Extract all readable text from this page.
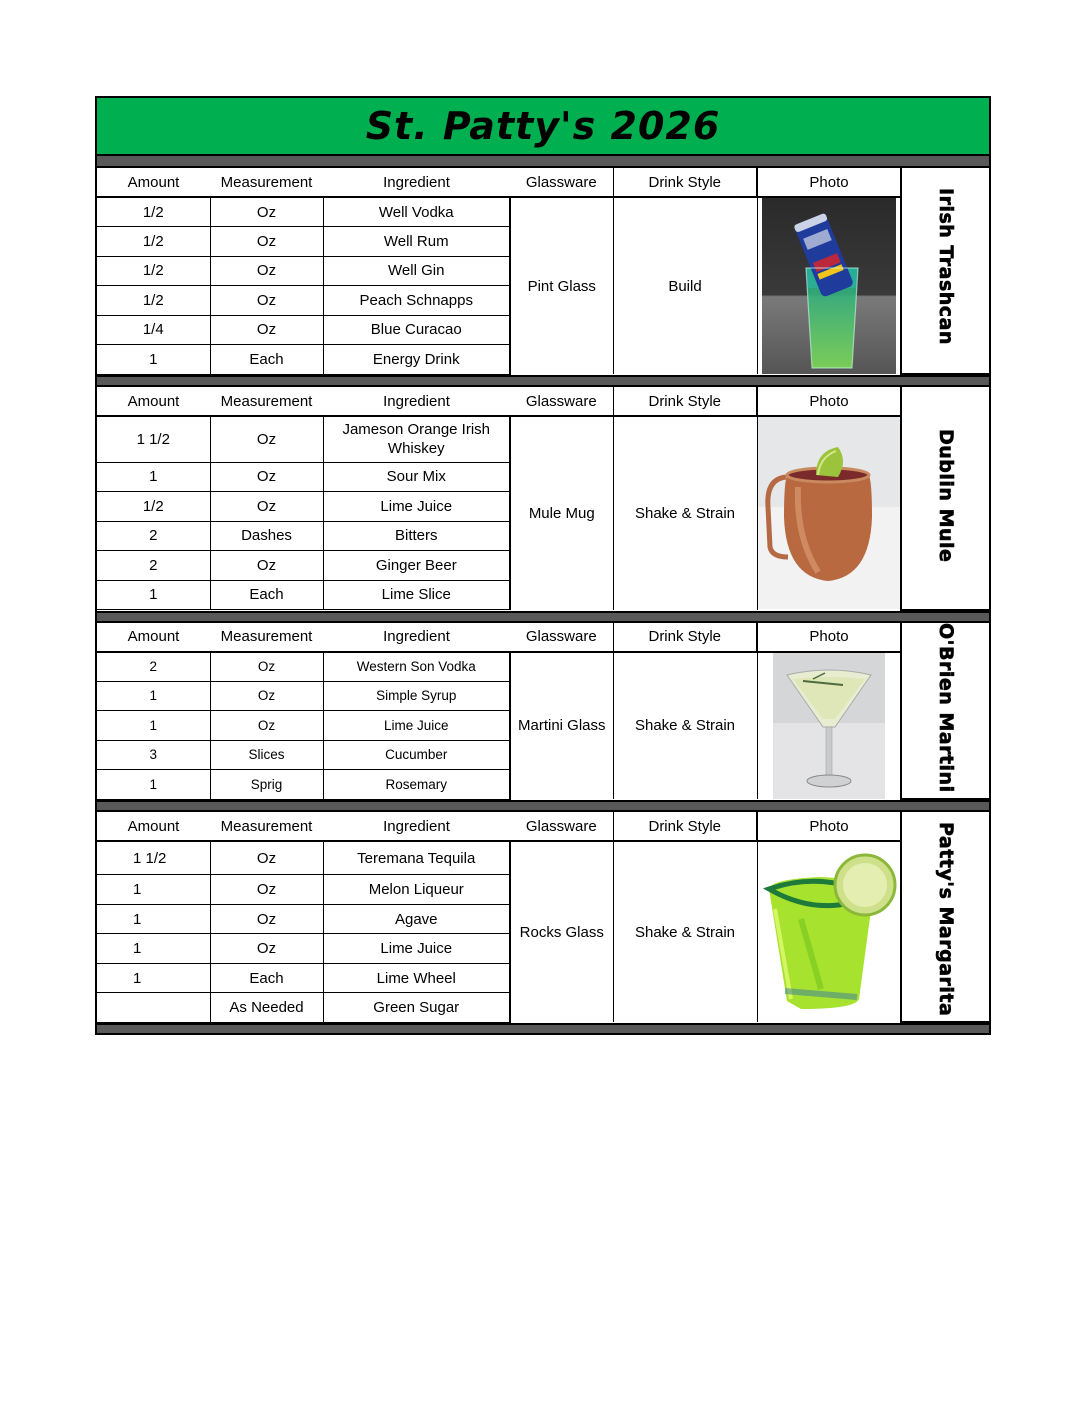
St. Patty's 2026
Amount	Measurement	Ingredient	Glassware	Drink Style	Photo	Irish Trashcan
1/2	Oz	Well Vodka	Pint Glass	Build	

1/2	Oz	Well Rum				
1/2	Oz	Well Gin				
1/2	Oz	Peach Schnapps				
1/4	Oz	Blue Curacao				
1	Each	Energy Drink				
Amount	Measurement	Ingredient	Glassware	Drink Style	Photo	Dublin Mule
1 1/2	Oz	Jameson Orange Irish Whiskey	Mule Mug	Shake & Strain	

1	Oz	Sour Mix				
1/2	Oz	Lime Juice				
2	Dashes	Bitters				
2	Oz	Ginger Beer				
1	Each	Lime Slice				
Amount	Measurement	Ingredient	Glassware	Drink Style	Photo	O'Brien Martini
2	Oz	Western Son Vodka	Martini Glass	Shake & Strain	

1	Oz	Simple Syrup				
1	Oz	Lime Juice				
3	Slices	Cucumber				
1	Sprig	Rosemary				
Amount	Measurement	Ingredient	Glassware	Drink Style	Photo	Patty's Margarita
1 1/2	Oz	Teremana Tequila	Rocks Glass	Shake & Strain	

1	Oz	Melon Liqueur				
1	Oz	Agave				
1	Oz	Lime Juice				
1	Each	Lime Wheel				
	As Needed	Green Sugar				
